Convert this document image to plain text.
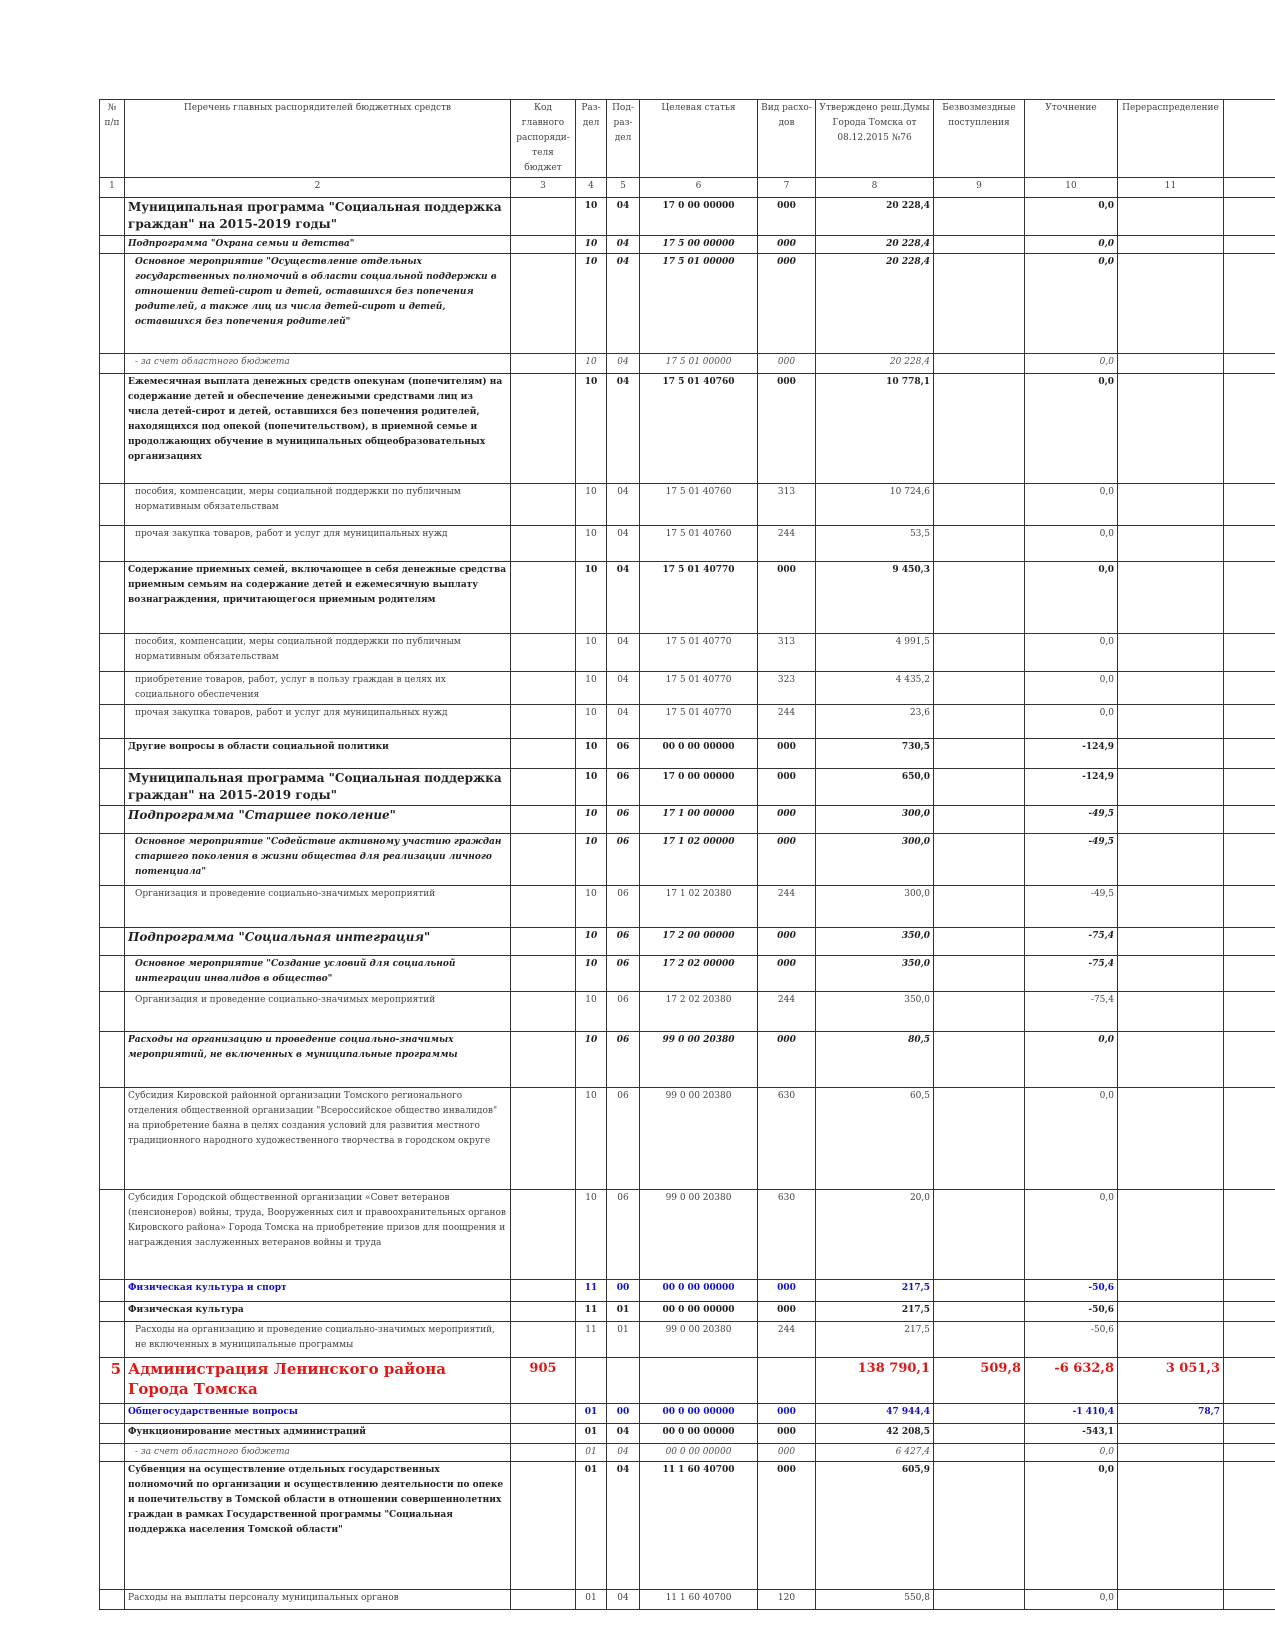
№ п/п	Перечень главных распорядителей бюджетных средств	Код главного распоряди-теля бюджет	Раз-дел	Под-раз-дел	Целевая статья	Вид расхо-дов	Утверждено реш.Думы Города Томска от 08.12.2015 №76	Безвозмездные поступления	Уточнение	Перераспределение	
1	2	3	4	5	6	7	8	9	10	11	
	Муниципальная программа "Социальная поддержка граждан" на 2015-2019 годы"		10	04	17 0 00 00000	000	20 228,4		0,0		
	Подпрограмма "Охрана семьи и детства"		10	04	17 5 00 00000	000	20 228,4		0,0		
	Основное мероприятие "Осуществление отдельных государственных полномочий в области социальной поддержки в отношении детей-сирот и детей, оставшихся без попечения родителей, а также лиц из числа детей-сирот и детей, оставшихся без попечения родителей"		10	04	17 5 01 00000	000	20 228,4		0,0		
	- за счет областного бюджета		10	04	17 5 01 00000	000	20 228,4		0,0		
	Ежемесячная выплата денежных средств опекунам (попечителям) на содержание детей и обеспечение денежными средствами лиц из числа детей-сирот и детей, оставшихся без попечения родителей, находящихся под опекой (попечительством), в приемной семье и продолжающих обучение в муниципальных общеобразовательных организациях		10	04	17 5 01 40760	000	10 778,1		0,0		
	пособия, компенсации, меры социальной поддержки по публичным нормативным обязательствам		10	04	17 5 01 40760	313	10 724,6		0,0		
	прочая закупка товаров, работ и услуг для муниципальных нужд		10	04	17 5 01 40760	244	53,5		0,0		
	Содержание приемных семей, включающее в себя денежные средства приемным семьям на содержание детей и ежемесячную выплату вознаграждения, причитающегося приемным родителям		10	04	17 5 01 40770	000	9 450,3		0,0		
	пособия, компенсации, меры социальной поддержки по публичным нормативным обязательствам		10	04	17 5 01 40770	313	4 991,5		0,0		
	приобретение товаров, работ, услуг в пользу граждан в целях их социального обеспечения		10	04	17 5 01 40770	323	4 435,2		0,0		
	прочая закупка товаров, работ и услуг для муниципальных нужд		10	04	17 5 01 40770	244	23,6		0,0		
	Другие вопросы в области социальной политики		10	06	00 0 00 00000	000	730,5		-124,9		
	Муниципальная программа "Социальная поддержка граждан" на 2015-2019 годы"		10	06	17 0 00 00000	000	650,0		-124,9		
	Подпрограмма "Старшее поколение"		10	06	17 1 00 00000	000	300,0		-49,5		
	Основное мероприятие "Содействие активному участию граждан старшего поколения в жизни общества для реализации личного потенциала"		10	06	17 1 02 00000	000	300,0		-49,5		
	Организация и проведение социально-значимых мероприятий		10	06	17 1 02 20380	244	300,0		-49,5		
	Подпрограмма "Социальная интеграция"		10	06	17 2 00 00000	000	350,0		-75,4		
	Основное мероприятие "Создание условий для социальной интеграции инвалидов в общество"		10	06	17 2 02 00000	000	350,0		-75,4		
	Организация и проведение социально-значимых мероприятий		10	06	17 2 02 20380	244	350,0		-75,4		
	Расходы на организацию и проведение социально-значимых мероприятий, не включенных в муниципальные программы		10	06	99 0 00 20380	000	80,5		0,0		
	Субсидия Кировской районной организации Томского регионального отделения общественной организации "Всероссийское общество инвалидов" на приобретение баяна в целях создания условий для развития местного традиционного народного художественного творчества в городском округе		10	06	99 0 00 20380	630	60,5		0,0		
	Субсидия Городской общественной организации «Совет ветеранов (пенсионеров) войны, труда, Вооруженных сил и правоохранительных органов Кировского района» Города Томска на приобретение призов для поощрения и награждения заслуженных ветеранов войны и труда		10	06	99 0 00 20380	630	20,0		0,0		
	Физическая культура и спорт		11	00	00 0 00 00000	000	217,5		-50,6		
	Физическая культура		11	01	00 0 00 00000	000	217,5		-50,6		
	Расходы на организацию и проведение социально-значимых мероприятий, не включенных в муниципальные программы		11	01	99 0 00 20380	244	217,5		-50,6		
5	Администрация Ленинского района Города Томска	905					138 790,1	509,8	-6 632,8	3 051,3	
	Общегосударственные вопросы		01	00	00 0 00 00000	000	47 944,4		-1 410,4	78,7	
	Функционирование местных администраций		01	04	00 0 00 00000	000	42 208,5		-543,1		
	- за счет областного бюджета		01	04	00 0 00 00000	000	6 427,4		0,0		
	Субвенция на осуществление отдельных государственных полномочий по организации и осуществлению деятельности по опеке и попечительству в Томской области в отношении совершеннолетних граждан в рамках Государственной программы "Социальная поддержка населения Томской области"		01	04	11 1 60 40700	000	605,9		0,0		
	Расходы на выплаты персоналу муниципальных органов		01	04	11 1 60 40700	120	550,8		0,0		
